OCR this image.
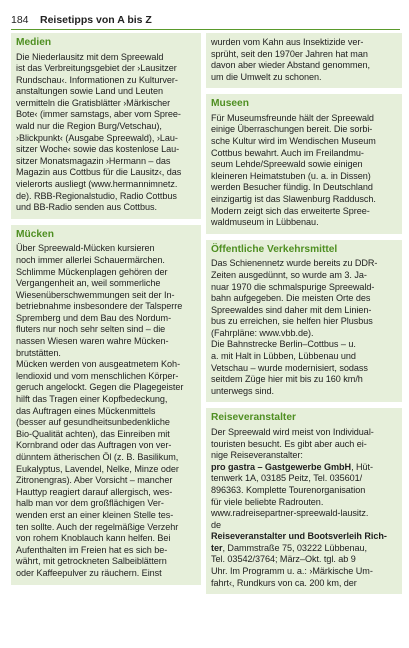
184 Reisetipps von A bis Z
Medien
Die Niederlausitz mit dem Spreewald
ist das Verbreitungsgebiet der ›Lausitzer
Rundschau‹. Informationen zu Kulturver-
anstaltungen sowie Land und Leuten
vermitteln die Gratisblätter ›Märkischer
Bote‹ (immer samstags, aber vom Spree-
wald nur die Region Burg/Vetschau),
›Blickpunkt‹ (Ausgabe Spreewald), ›Lau-
sitzer Woche‹ sowie das kostenlose Lau-
sitzer Monatsmagazin ›Hermann – das
Magazin aus Cottbus für die Lausitz‹, das
vielerorts ausliegt (www.hermannimnetz.
de). RBB-Regionalstudio, Radio Cottbus
und BB-Radio senden aus Cottbus.
Mücken
Über Spreewald-Mücken kursieren
noch immer allerlei Schauermärchen.
Schlimme Mückenplagen gehören der
Vergangenheit an, weil sommerliche
Wiesenüberschwemmungen seit der In-
betriebnahme insbesondere der Talsperre
Spremberg und dem Bau des Nordum-
fluters nur noch sehr selten sind – die
nassen Wiesen waren wahre Mücken-
brutstätten.
Mücken werden von ausgeatmetem Koh-
lendioxid und vom menschlichen Körper-
geruch angelockt. Gegen die Plagegeister
hilft das Tragen einer Kopfbedeckung,
das Auftragen eines Mückenmittels
(besser auf gesundheitsunbedenkliche
Bio-Qualität achten), das Einreiben mit
Kornbrand oder das Auftragen von ver-
dünntem ätherischen Öl (z. B. Basilikum,
Eukalyptus, Lavendel, Nelke, Minze oder
Zitronengras). Aber Vorsicht – mancher
Hauttyp reagiert darauf allergisch, wes-
halb man vor dem großflächigen Ver-
wenden erst an einer kleinen Stelle tes-
ten sollte. Auch der regelmäßige Verzehr
von rohem Knoblauch kann helfen. Bei
Aufenthalten im Freien hat es sich be-
währt, mit getrockneten Salbeiblättern
oder Kaffeepulver zu räuchern. Einst
wurden vom Kahn aus Insektizide ver-
sprüht, seit den 1970er Jahren hat man
davon aber wieder Abstand genommen,
um die Umwelt zu schonen.
Museen
Für Museumsfreunde hält der Spreewald
einige Überraschungen bereit. Die sorbi-
sche Kultur wird im Wendischen Museum
Cottbus bewahrt. Auch im Freilandmu-
seum Lehde/Spreewald sowie einigen
kleineren Heimatstuben (u. a. in Dissen)
werden Besucher fündig. In Deutschland
einzigartig ist das Slawenburg Raddusch.
Modern zeigt sich das erweiterte Spree-
waldmuseum in Lübbenau.
Öffentliche Verkehrsmittel
Das Schienennetz wurde bereits zu DDR-
Zeiten ausgedünnt, so wurde am 3. Ja-
nuar 1970 die schmalspurige Spreewald-
bahn aufgegeben. Die meisten Orte des
Spreewaldes sind daher mit dem Linien-
bus zu erreichen, sie helfen hier Plusbus
(Fahrpläne: www.vbb.de).
Die Bahnstrecke Berlin–Cottbus – u.
a. mit Halt in Lübben, Lübbenau und
Vetschau – wurde modernisiert, sodass
seitdem Züge hier mit bis zu 160 km/h
unterwegs sind.
Reiseveranstalter
Der Spreewald wird meist von Individual-
touristen besucht. Es gibt aber auch ei-
nige Reiseveranstalter:
pro gastra – Gastgewerbe GmbH, Hüt-
tenwerk 1A, 03185 Peitz, Tel. 035601/
896363. Komplette Tourenorganisation
für viele beliebte Radrouten.
www.radreisepartner-spreewald-lausitz.
de
Reiseveranstalter und Bootsverleih Rich-
ter, Dammstraße 75, 03222 Lübbenau,
Tel. 03542/3764; März–Okt. tgl. ab 9
Uhr. Im Programm u. a.: ›Märkische Um-
fahrt‹, Rundkurs von ca. 200 km, der
